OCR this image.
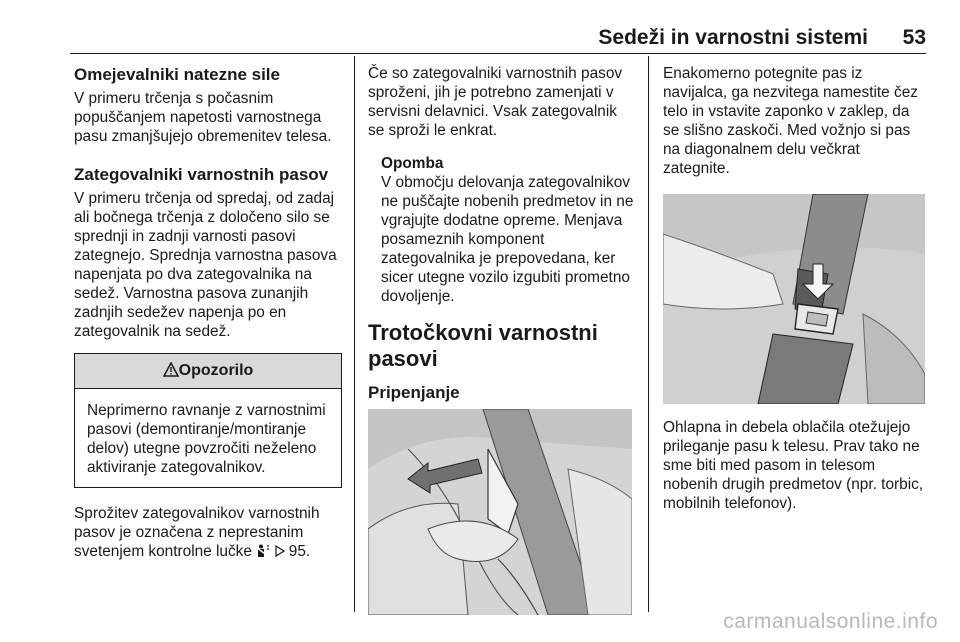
Sedeži in varnostni sistemi 53
Omejevalniki natezne sile

V primeru trčenja s počasnim popuščanjem napetosti varnostnega pasu zmanjšujejo obremenitev telesa.

Zategovalniki varnostnih pasov

V primeru trčenja od spredaj, od zadaj ali bočnega trčenja z določeno silo se sprednji in zadnji varnosti pasovi zategnejo. Sprednja varnostna pasova napenjata po dva zategovalnika na sedež. Varnostna pasova zunanjih zadnjih sedežev napenja po en zategovalnik na sedež.

Opozorilo
Neprimerno ravnanje z varnostnimi pasovi (demontiranje/montiranje delov) utegne povzročiti neželeno aktiviranje zategovalnikov.

Sprožitev zategovalnikov varnostnih pasov je označena z neprestanim svetenjem kontrolne lučke 95.

Če so zategovalniki varnostnih pasov sproženi, jih je potrebno zamenjati v servisni delavnici. Vsak zategovalnik se sproži le enkrat.

Opomba
V območju delovanja zategovalnikov ne puščajte nobenih predmetov in ne vgrajujte dodatne opreme. Menjava posameznih komponent zategovalnika je prepovedana, ker sicer utegne vozilo izgubiti prometno dovoljenje.
Trotočkovni varnostni pasovi
Pripenjanje

Enakomerno potegnite pas iz navijalca, ga nezvitega namestite čez telo in vstavite zaponko v zaklep, da se slišno zaskoči. Med vožnjo si pas na diagonalnem delu večkrat zategnite.

Ohlapna in debela oblačila otežujejo prileganje pasu k telesu. Prav tako ne sme biti med pasom in telesom nobenih drugih predmetov (npr. torbic, mobilnih telefonov).

carmanualsonline.info
